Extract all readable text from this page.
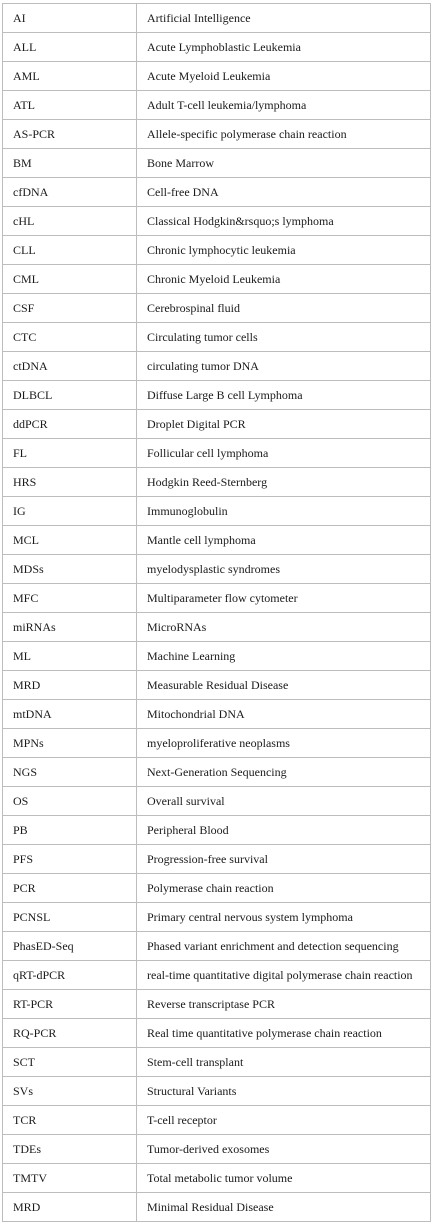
AI	Artificial Intelligence
ALL	Acute Lymphoblastic Leukemia
AML	Acute Myeloid Leukemia
ATL	Adult T-cell leukemia/lymphoma
AS-PCR	Allele-specific polymerase chain reaction
BM	Bone Marrow
cfDNA	Cell-free DNA
cHL	Classical Hodgkin&rsquo;s lymphoma
CLL	Chronic lymphocytic leukemia
CML	Chronic Myeloid Leukemia
CSF	Cerebrospinal fluid
CTC	Circulating tumor cells
ctDNA	circulating tumor DNA
DLBCL	Diffuse Large B cell Lymphoma
ddPCR	Droplet Digital PCR
FL	Follicular cell lymphoma
HRS	Hodgkin Reed-Sternberg
IG	Immunoglobulin
MCL	Mantle cell lymphoma
MDSs	myelodysplastic syndromes
MFC	Multiparameter flow cytometer
miRNAs	MicroRNAs
ML	Machine Learning
MRD	Measurable Residual Disease
mtDNA	Mitochondrial DNA
MPNs	myeloproliferative neoplasms
NGS	Next-Generation Sequencing
OS	Overall survival
PB	Peripheral Blood
PFS	Progression-free survival
PCR	Polymerase chain reaction
PCNSL	Primary central nervous system lymphoma
PhasED-Seq	Phased variant enrichment and detection sequencing
qRT-dPCR	real-time quantitative digital polymerase chain reaction
RT-PCR	Reverse transcriptase PCR
RQ-PCR	Real time quantitative polymerase chain reaction
SCT	Stem-cell transplant
SVs	Structural Variants
TCR	T-cell receptor
TDEs	Tumor-derived exosomes
TMTV	Total metabolic tumor volume
MRD	Minimal Residual Disease
